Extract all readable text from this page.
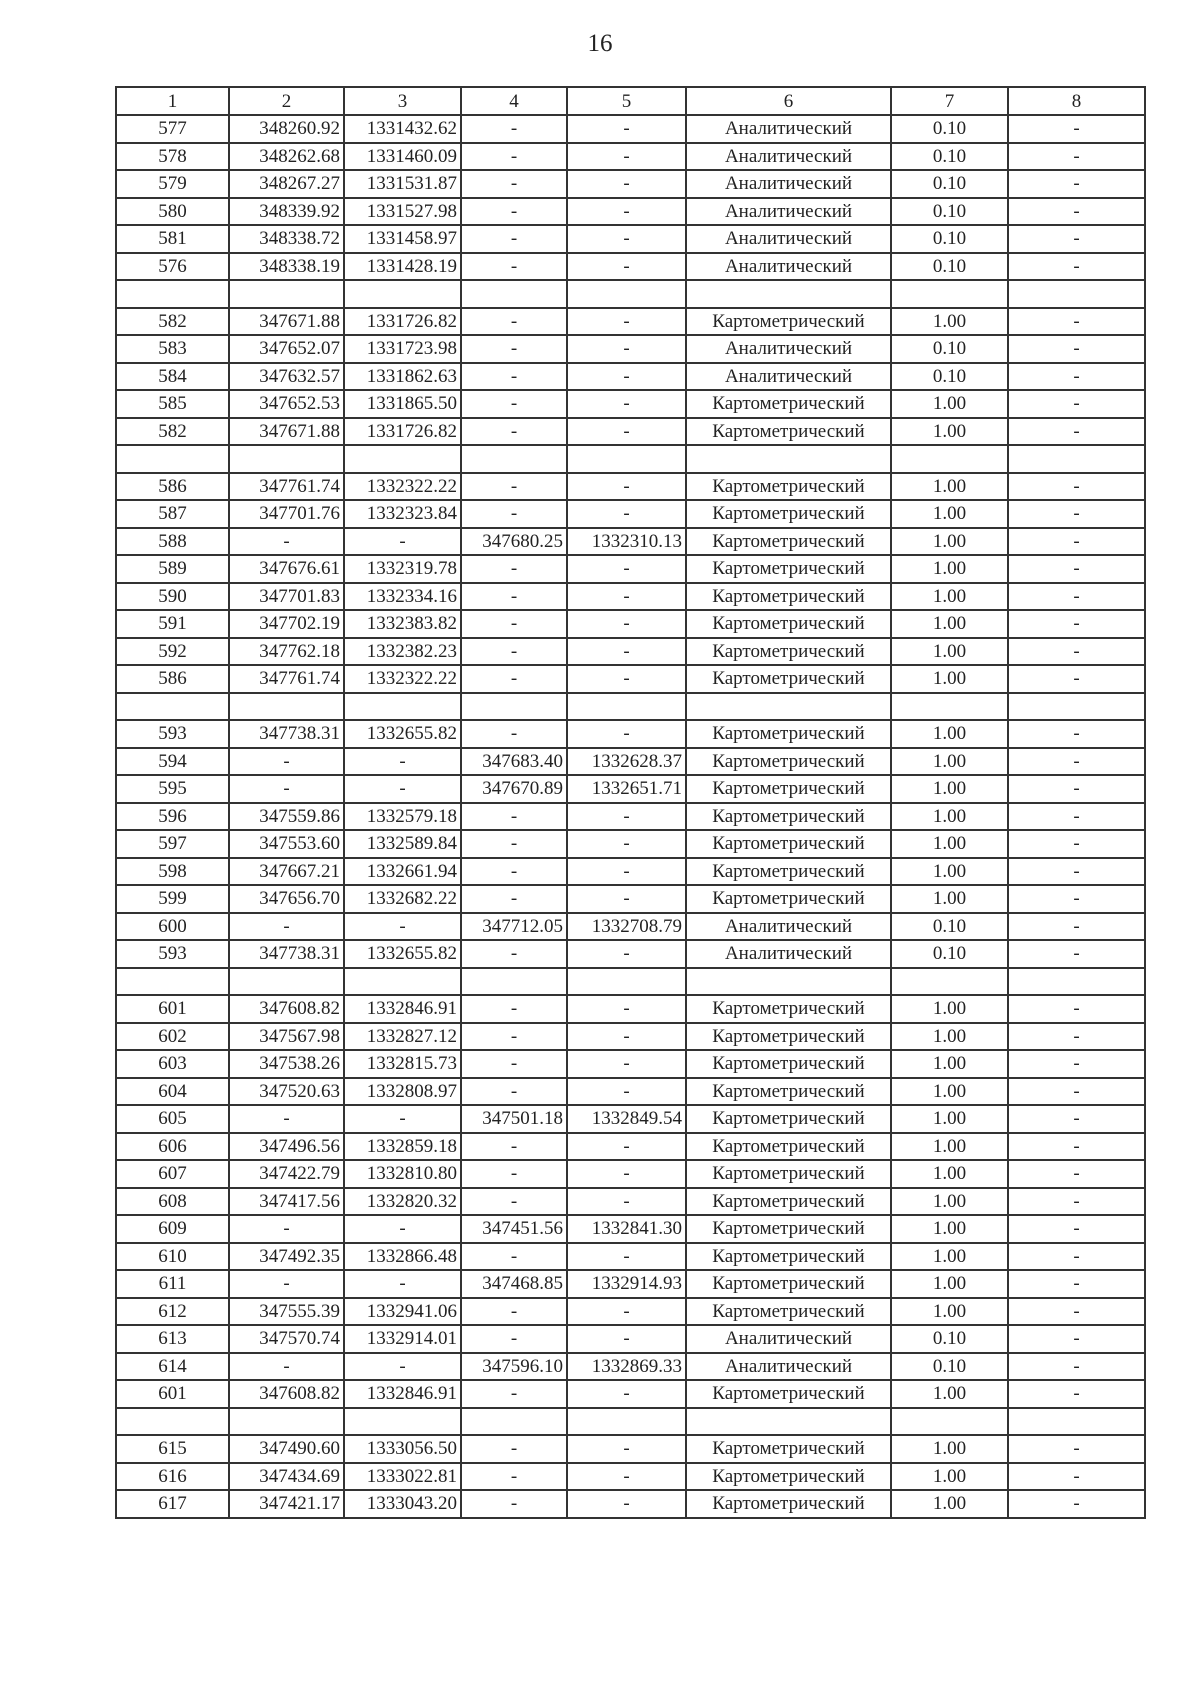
16
1	2	3	4	5	6	7	8
577	348260.92	1331432.62	-	-	Аналитический	0.10	-
578	348262.68	1331460.09	-	-	Аналитический	0.10	-
579	348267.27	1331531.87	-	-	Аналитический	0.10	-
580	348339.92	1331527.98	-	-	Аналитический	0.10	-
581	348338.72	1331458.97	-	-	Аналитический	0.10	-
576	348338.19	1331428.19	-	-	Аналитический	0.10	-

582	347671.88	1331726.82	-	-	Картометрический	1.00	-
583	347652.07	1331723.98	-	-	Аналитический	0.10	-
584	347632.57	1331862.63	-	-	Аналитический	0.10	-
585	347652.53	1331865.50	-	-	Картометрический	1.00	-
582	347671.88	1331726.82	-	-	Картометрический	1.00	-

586	347761.74	1332322.22	-	-	Картометрический	1.00	-
587	347701.76	1332323.84	-	-	Картометрический	1.00	-
588	-	-	347680.25	1332310.13	Картометрический	1.00	-
589	347676.61	1332319.78	-	-	Картометрический	1.00	-
590	347701.83	1332334.16	-	-	Картометрический	1.00	-
591	347702.19	1332383.82	-	-	Картометрический	1.00	-
592	347762.18	1332382.23	-	-	Картометрический	1.00	-
586	347761.74	1332322.22	-	-	Картометрический	1.00	-

593	347738.31	1332655.82	-	-	Картометрический	1.00	-
594	-	-	347683.40	1332628.37	Картометрический	1.00	-
595	-	-	347670.89	1332651.71	Картометрический	1.00	-
596	347559.86	1332579.18	-	-	Картометрический	1.00	-
597	347553.60	1332589.84	-	-	Картометрический	1.00	-
598	347667.21	1332661.94	-	-	Картометрический	1.00	-
599	347656.70	1332682.22	-	-	Картометрический	1.00	-
600	-	-	347712.05	1332708.79	Аналитический	0.10	-
593	347738.31	1332655.82	-	-	Аналитический	0.10	-

601	347608.82	1332846.91	-	-	Картометрический	1.00	-
602	347567.98	1332827.12	-	-	Картометрический	1.00	-
603	347538.26	1332815.73	-	-	Картометрический	1.00	-
604	347520.63	1332808.97	-	-	Картометрический	1.00	-
605	-	-	347501.18	1332849.54	Картометрический	1.00	-
606	347496.56	1332859.18	-	-	Картометрический	1.00	-
607	347422.79	1332810.80	-	-	Картометрический	1.00	-
608	347417.56	1332820.32	-	-	Картометрический	1.00	-
609	-	-	347451.56	1332841.30	Картометрический	1.00	-
610	347492.35	1332866.48	-	-	Картометрический	1.00	-
611	-	-	347468.85	1332914.93	Картометрический	1.00	-
612	347555.39	1332941.06	-	-	Картометрический	1.00	-
613	347570.74	1332914.01	-	-	Аналитический	0.10	-
614	-	-	347596.10	1332869.33	Аналитический	0.10	-
601	347608.82	1332846.91	-	-	Картометрический	1.00	-

615	347490.60	1333056.50	-	-	Картометрический	1.00	-
616	347434.69	1333022.81	-	-	Картометрический	1.00	-
617	347421.17	1333043.20	-	-	Картометрический	1.00	-
